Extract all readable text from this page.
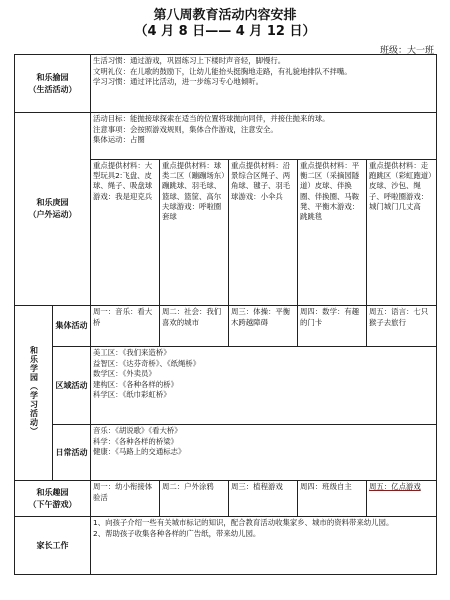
第八周教育活动内容安排
（4 月 8 日—— 4 月 12 日）
班级：大一班
和乐揄园
（生活活动）		生活习惯：通过游戏，巩固练习上下楼时声音轻，脚慢行。
文明礼仪：在儿歌的鼓励下，让幼儿能抬头挺胸地走路，有礼貌地排队不拌嘴。
学习习惯：通过评比活动，进一步练习专心地倾听。				

和乐庚园
（户外运动）		活动目标：能抛接球探索在适当的位置将球抛向同伴，并接住抛来的球。
注意事项：会按照游戏规则，集体合作游戏，注意安全。
集体运动：占圈				

		重点提供材料：大型玩具2:飞盘、皮球、绳子、吸盘球游戏：我是迎克兵	重点提供材料：球类二区（蹦蹦场东）蹦跳球、羽毛球、篮球、篮筐、高尔夫球游戏：呼啦圈套球	重点提供材料：沿景综合区绳子、两角球、毽子、羽毛球游戏：小伞兵	重点提供材料：平衡二区（采摘园隧道）皮球、伴换圈、伴换圈、马鞍凳、平衡木游戏：跳跳毯	重点提供材料：走跑跳区（彩虹跑道）皮球、沙包、绳子、呼啦圈游戏：城门城门几丈高
和乐学园（学习活动）	集体活动	周一：音乐：看大桥	周二：社会：我们喜欢的城市	周三：体操：平衡木跨越障碍	周四：数学：有趣的门卡	周五：语言：七只猴子去旅行
	区域活动	美工区：《我们来造桥》
益智区：《达芬奇桥》、《纸绳桥》
数学区：《外卖员》
建构区：《各种各样的桥》
科学区：《纸巾彩虹桥》				

	日常活动	音乐：《胡说歌》《看大桥》
科学：《各种各样的桥梁》
健康：《马路上的交通标志》				

和乐趣园
（下午游戏）		周一：幼小衔接体验活	周二：户外涂鸦	周三：植程游戏	周四：班级自主	周五：亿点游戏
家长工作		1、向孩子介绍一些有关城市标记的知识，配合教育活动收集家乡、城市的资料带来幼儿园。
2、帮助孩子收集各种各样的广告纸，带来幼儿园。				
